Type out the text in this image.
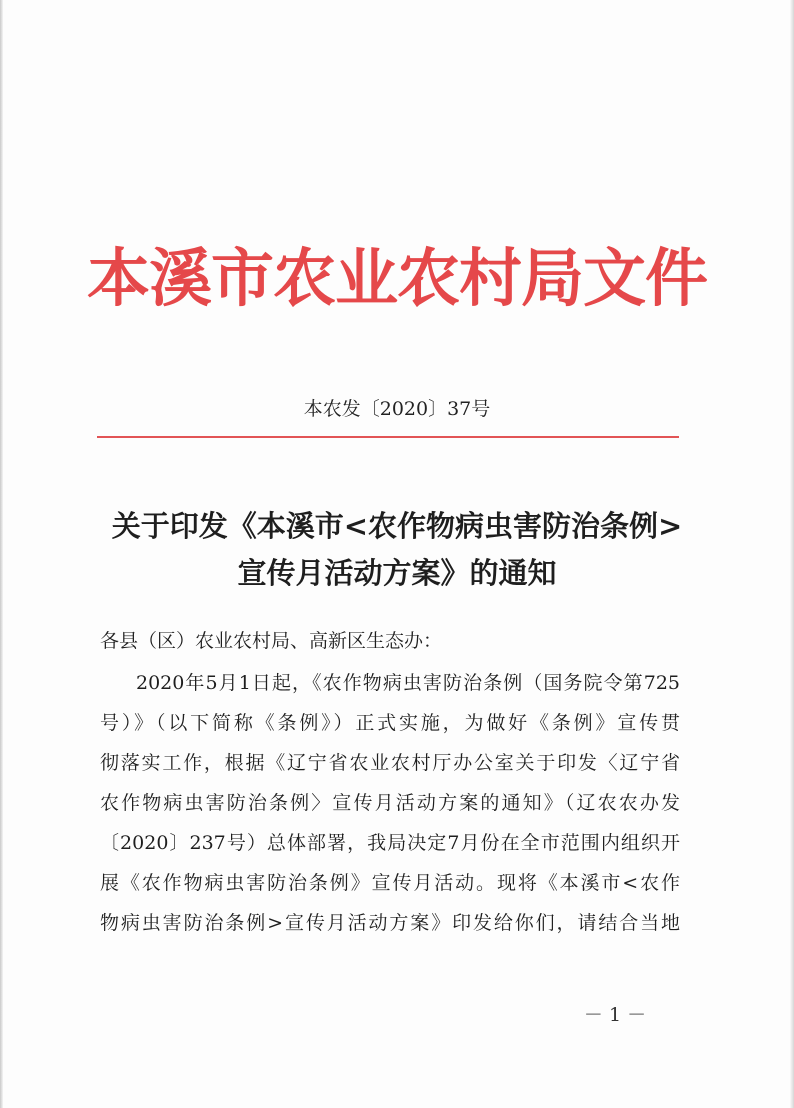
本溪市农业农村局文件
本农发〔2020〕37号
关于印发《本溪市<农作物病虫害防治条例>
宣传月活动方案》的通知
各县（区）农业农村局、高新区生态办：
2020年5月1日起，《农作物病虫害防治条例（国务院令第725
号）》（以下简称《条例》）正式实施，为做好《条例》宣传贯
彻落实工作，根据《辽宁省农业农村厅办公室关于印发〈辽宁省
农作物病虫害防治条例〉宣传月活动方案的通知》（辽农农办发
〔2020〕237号）总体部署，我局决定7月份在全市范围内组织开
展《农作物病虫害防治条例》宣传月活动。现将《本溪市<农作
物病虫害防治条例>宣传月活动方案》印发给你们，请结合当地
－ 1 －
